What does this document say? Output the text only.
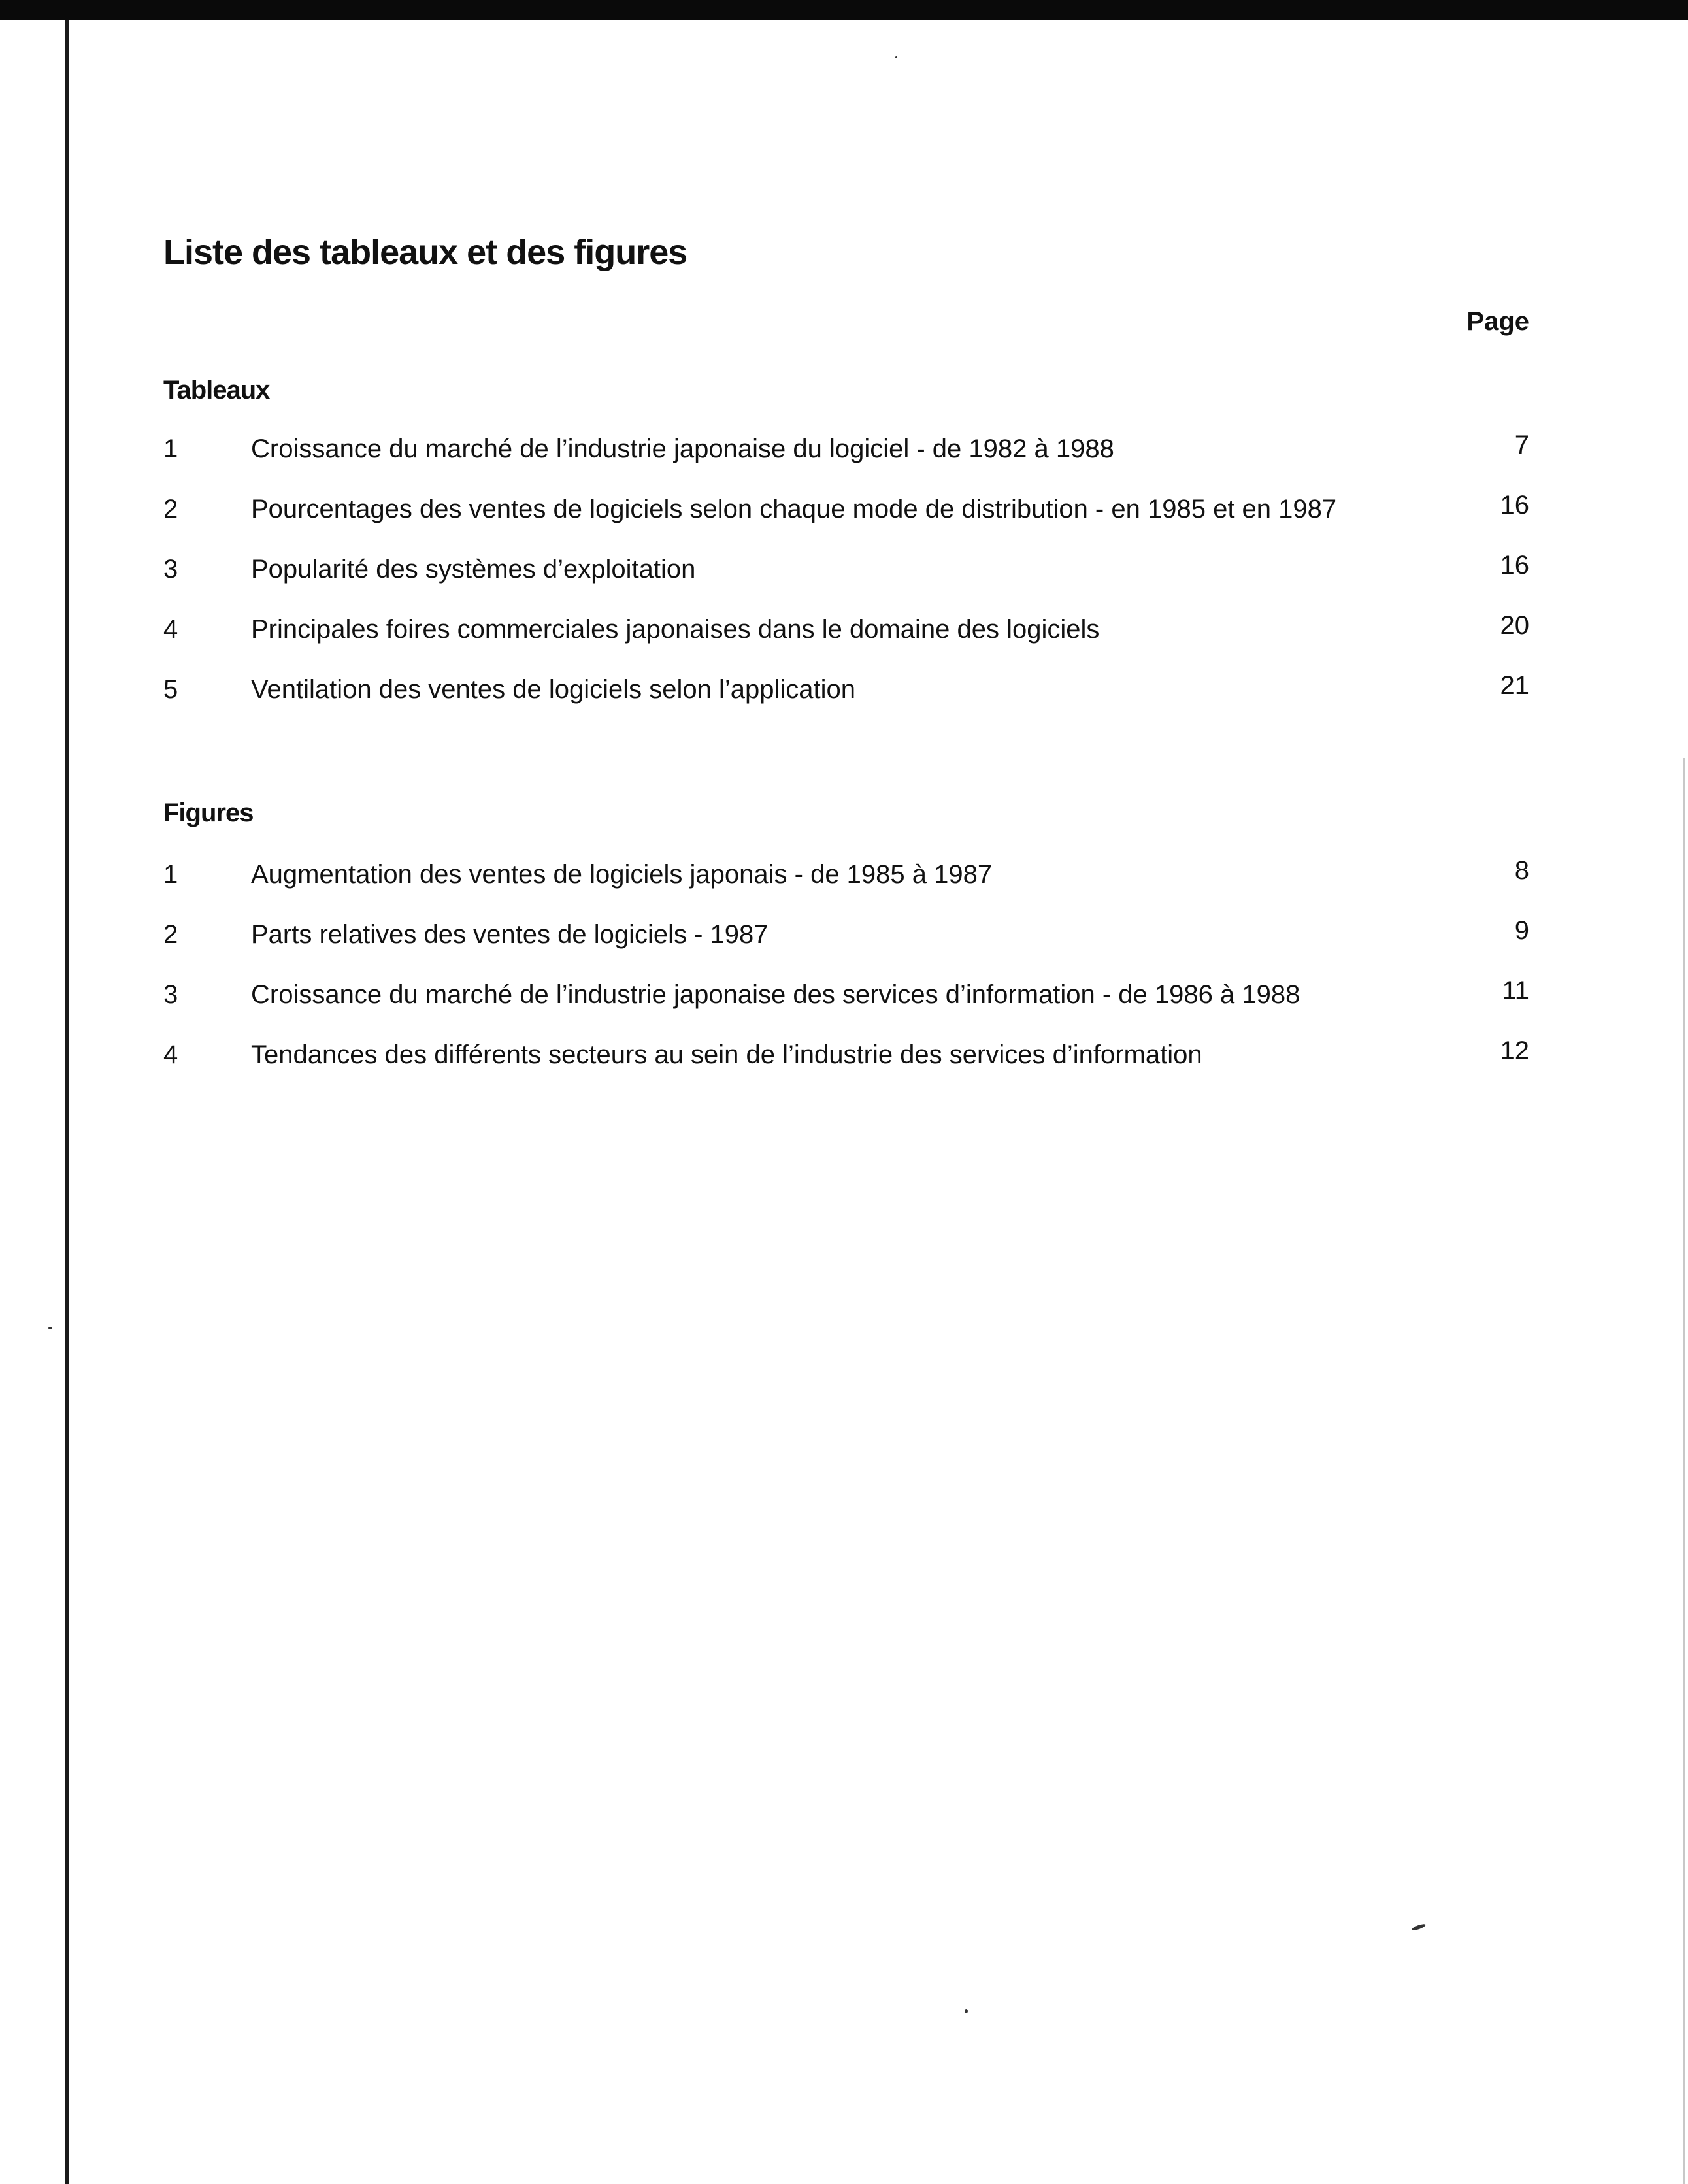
Liste des tableaux et des figures
Page
Tableaux
1	Croissance du marché de l’industrie japonaise du logiciel - de 1982 à 1988	7
2	Pourcentages des ventes de logiciels selon chaque mode de distribution - en 1985 et en 1987	16
3	Popularité des systèmes d’exploitation	16
4	Principales foires commerciales japonaises dans le domaine des logiciels	20
5	Ventilation des ventes de logiciels selon l’application	21
Figures
1	Augmentation des ventes de logiciels japonais - de 1985 à 1987	8
2	Parts relatives des ventes de logiciels - 1987	9
3	Croissance du marché de l’industrie japonaise des services d’information - de 1986 à 1988	11
4	Tendances des différents secteurs au sein de l’industrie des services d’information	12
